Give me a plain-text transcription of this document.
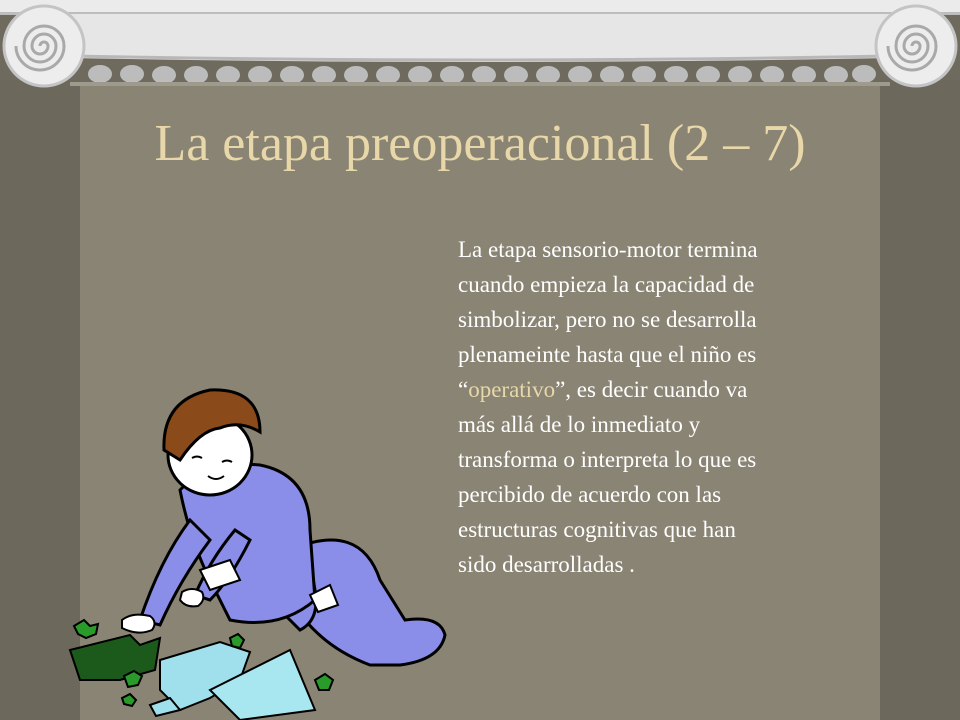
La etapa preoperacional (2 – 7)
La etapa sensorio-motor termina
cuando empieza la capacidad de
simbolizar, pero no se desarrolla
plenameinte hasta que el niño es
“operativo”, es decir cuando va
más allá de lo inmediato y
transforma o interpreta lo que es
percibido de acuerdo con las
estructuras cognitivas que han
sido desarrolladas .
